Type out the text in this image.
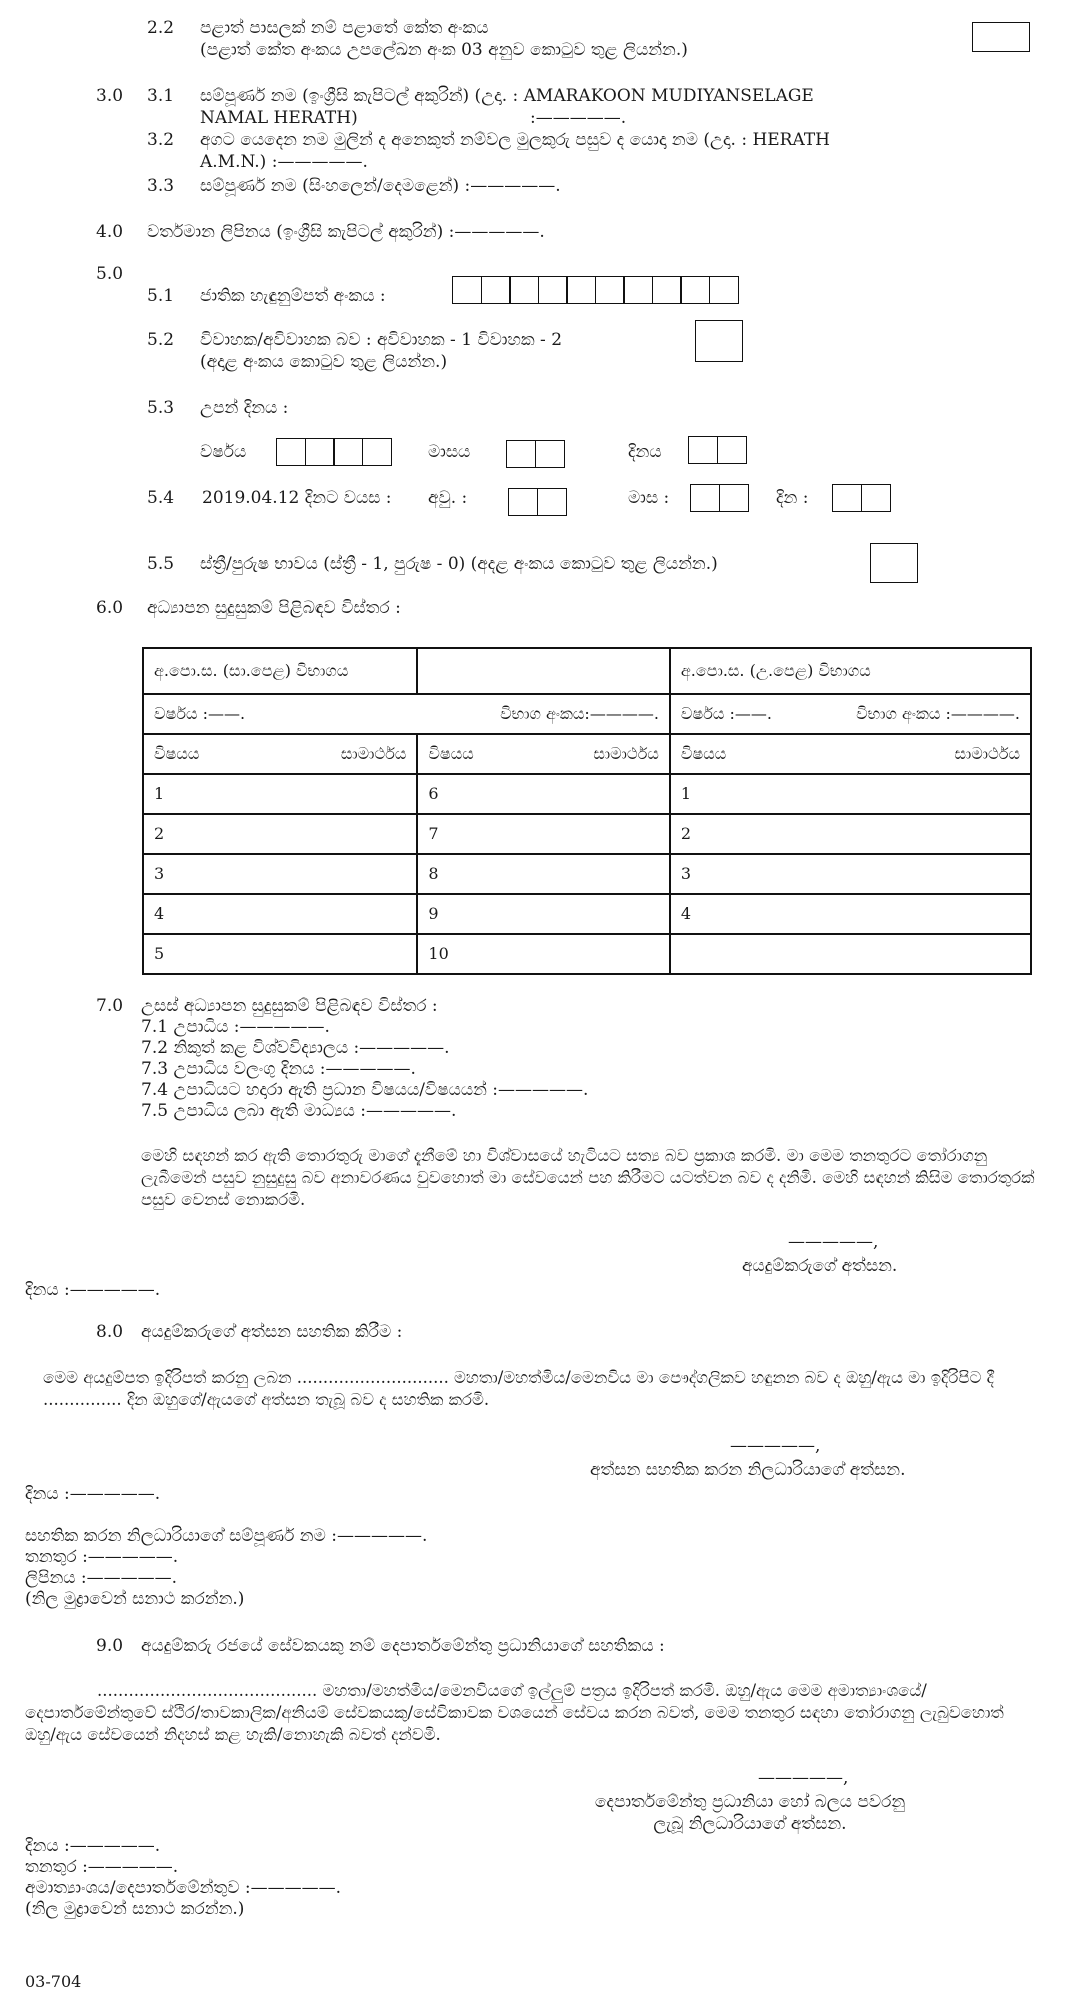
2.2 පළාත් පාසලක් නම් පළාතේ කේත අංකය
(පළාත් කේත අංකය උපලේඛන අංක 03 අනුව කොටුව තුළ ලියන්න.)
3.0 3.1 සම්පූර්ණ නම (ඉංග්‍රීසි කැපිටල් අකුරින්) (උදා. : AMARAKOON MUDIYANSELAGE
NAMAL HERATH)	:—————.
3.2 අගට යෙදෙන නම මුලින් ද අනෙකුත් නම්වල මුලකුරු පසුව ද යොදා නම (උදා. : HERATH
A.M.N.) :—————.
3.3 සම්පූර්ණ නම (සිංහලෙන්/දෙමළෙන්) :—————.
4.0 වර්තමාන ලිපිනය (ඉංග්‍රීසි කැපිටල් අකුරින්) :—————.
5.0
5.1 ජාතික හැඳුනුම්පත් අංකය :
5.2 විවාහක/අවිවාහක බව : අවිවාහක - 1 විවාහක - 2
(අදාළ අංකය කොටුව තුළ ලියන්න.)
5.3 උපන් දිනය :
වර්ෂය	මාසය	දිනය
5.4 2019.04.12 දිනට වයස : අවු. :	මාස :	දින :
5.5 ස්ත්‍රී/පුරුෂ භාවය (ස්ත්‍රී - 1, පුරුෂ - 0) (අදළ අංකය කොටුව තුළ ලියන්න.)
6.0 අධ්‍යාපන සුදුසුකම් පිළිබඳව විස්තර :
අ.පො.ස. (සා.පෙළ) විභාගය		අ.පො.ස. (උ.පෙළ) විභාගය

වර්ෂය :——. විභාග අංකය:————.		වර්ෂය :——. විභාග අංකය :————.

විෂයය සාමාර්ථය	විෂයය සාමාර්ථය	විෂයය සාමාර්ථය

1	6	1
2	7	2
3	8	3
4	9	4
5	10	
7.0 උසස් අධ්‍යාපන සුදුසුකම් පිළිබඳව විස්තර :
7.1 උපාධිය :—————.
7.2 නිකුත් කළ විශ්වවිද්‍යාලය :—————.
7.3 උපාධිය වලංගු දිනය :—————.
7.4 උපාධියට හදාරා ඇති ප්‍රධාන විෂයය/විෂයයන් :—————.
7.5 උපාධිය ලබා ඇති මාධ්‍යය :—————.
මෙහි සඳහන් කර ඇති තොරතුරු මාගේ දැනීමේ හා විශ්වාසයේ හැටියට සත්‍ය බව ප්‍රකාශ කරමි. මා මෙම තනතුරට තෝරාගනු ලැබීමෙන් පසුව නුසුදුසු බව අනාවරණය වුවහොත් මා සේවයෙන් පහ කිරීමට යටත්වන බව ද දනිමි. මෙහි සඳහන් කිසිම තොරතුරක් පසුව වෙනස් නොකරමි.
—————,
අයදුම්කරුගේ අත්සන.
දිනය :—————.
8.0 අයදුම්කරුගේ අත්සන සහතික කිරීම :
මෙම අයදුම්පත ඉදිරිපත් කරනු ලබන ............................. මහතා/මහත්මිය/මෙනවිය මා පෞද්ගලිකව හඳුනන බව ද ඔහු/ඇය මා ඉදිරිපිට දී ............... දින ඔහුගේ/ඇයගේ අත්සන තැබූ බව ද සහතික කරමි.
—————,
අත්සන සහතික කරන නිලධාරියාගේ අත්සන.
දිනය :—————.
සහතික කරන නිලධාරියාගේ සම්පූර්ණ නම :—————.
තනතුර :—————.
ලිපිනය :—————.
(නිල මුද්‍රාවෙන් සනාථ කරන්න.)
9.0 අයදුම්කරු රජයේ සේවකයකු නම් දෙපාර්තමේන්තු ප්‍රධානියාගේ සහතිකය :
.......................................... මහතා/මහත්මිය/මෙනවියගේ ඉල්ලුම් පත්‍රය ඉදිරිපත් කරමි. ඔහු/ඇය මෙම අමාත්‍යාංශයේ/දෙපාර්තමේන්තුවේ ස්ථිර/තාවකාලික/අනියම් සේවකයකු/සේවිකාවක වශයෙන් සේවය කරන බවත්, මෙම තනතුර සඳහා තෝරාගනු ලැබුවහොත් ඔහු/ඇය සේවයෙන් නිදහස් කළ හැකි/නොහැකි බවත් දන්වමි.
—————,
දෙපාර්තමේන්තු ප්‍රධානියා හෝ බලය පවරනු
ලැබූ නිලධාරියාගේ අත්සන.
දිනය :—————.
තනතුර :—————.
අමාත්‍යාංශය/දෙපාර්තමේන්තුව :—————.
(නිල මුද්‍රාවෙන් සනාථ කරන්න.)
03-704
